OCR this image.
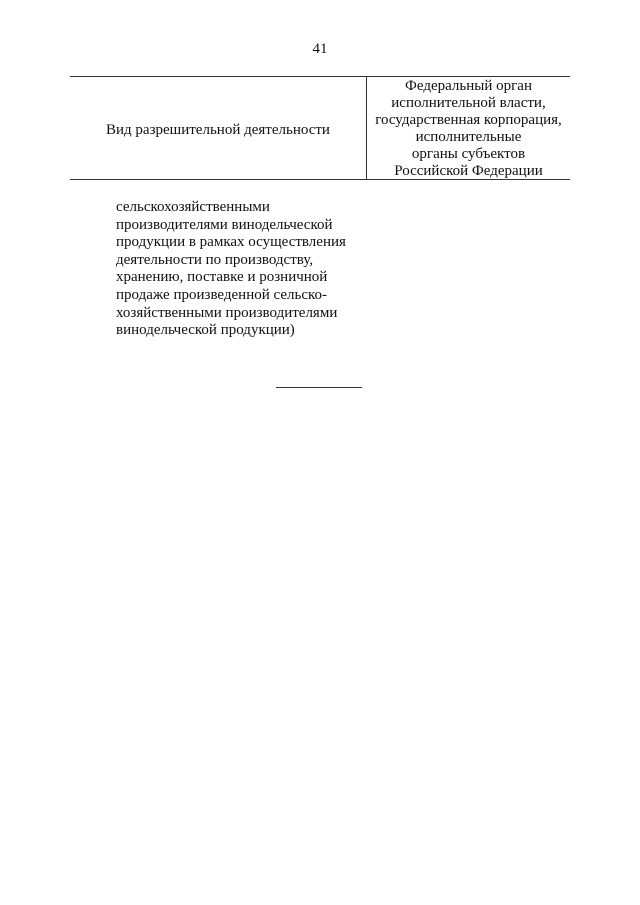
41
Вид разрешительной деятельности
Федеральный орган
исполнительной власти,
государственная корпорация,
исполнительные
органы субъектов
Российской Федерации
сельскохозяйственными
производителями винодельческой
продукции в рамках осуществления
деятельности по производству,
хранению, поставке и розничной
продаже произведенной сельско-
хозяйственными производителями
винодельческой продукции)
